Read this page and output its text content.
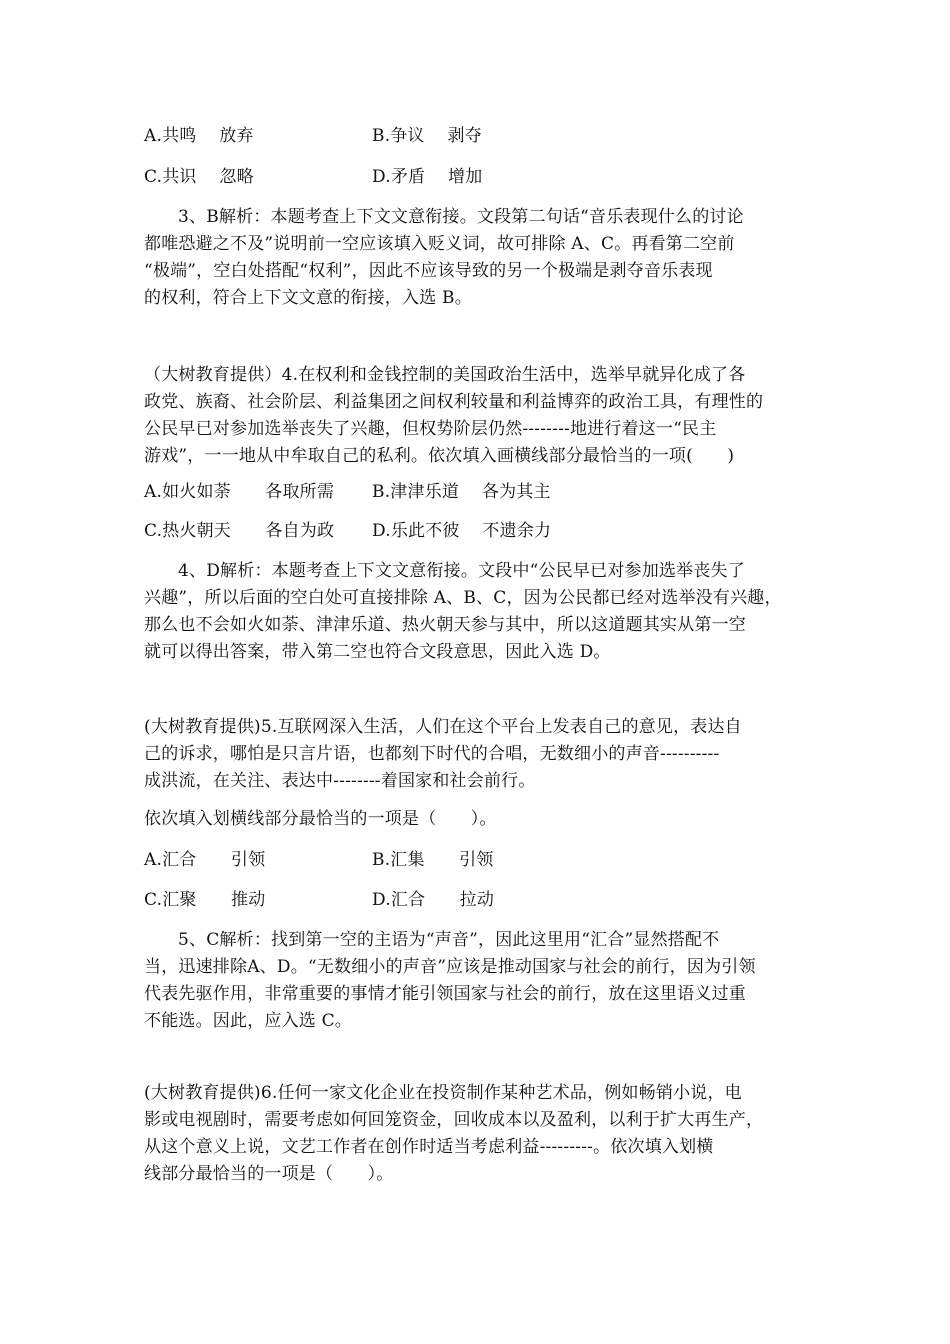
A.共鸣　 放弃	B.争议　 剥夺
C.共识　 忽略	D.矛盾　 增加
3、B解析：本题考查上下文文意衔接。文段第二句话“音乐表现什么的讨论
都唯恐避之不及”说明前一空应该填入贬义词，故可排除 A、C。再看第二空前
“极端”，空白处搭配“权利”，因此不应该导致的另一个极端是剥夺音乐表现
的权利，符合上下文文意的衔接，入选 B。
（大树教育提供）4.在权利和金钱控制的美国政治生活中，选举早就异化成了各
政党、族裔、社会阶层、利益集团之间权利较量和利益博弈的政治工具，有理性的
公民早已对参加选举丧失了兴趣，但权势阶层仍然--------地进行着这一“民主
游戏”，一一地从中牟取自己的私利。依次填入画横线部分最恰当的一项(　　)
A.如火如荼　　各取所需 B.津津乐道　 各为其主
C.热火朝天　　各自为政 D.乐此不彼　 不遗余力
4、D解析：本题考查上下文文意衔接。文段中“公民早已对参加选举丧失了
兴趣”，所以后面的空白处可直接排除 A、B、C，因为公民都已经对选举没有兴趣，
那么也不会如火如荼、津津乐道、热火朝天参与其中，所以这道题其实从第一空
就可以得出答案，带入第二空也符合文段意思，因此入选 D。
(大树教育提供)5.互联网深入生活，人们在这个平台上发表自己的意见，表达自
己的诉求，哪怕是只言片语，也都刻下时代的合唱，无数细小的声音----------
成洪流，在关注、表达中--------着国家和社会前行。
依次填入划横线部分最恰当的一项是（　　）。
A.汇合　　引领	B.汇集　　引领
C.汇聚　　推动	D.汇合　　拉动
5、C解析：找到第一空的主语为“声音”，因此这里用“汇合”显然搭配不
当，迅速排除A、D。“无数细小的声音”应该是推动国家与社会的前行，因为引领
代表先驱作用，非常重要的事情才能引领国家与社会的前行，放在这里语义过重
不能选。因此，应入选 C。
(大树教育提供)6.任何一家文化企业在投资制作某种艺术品，例如畅销小说，电
影或电视剧时，需要考虑如何回笼资金，回收成本以及盈利，以利于扩大再生产，
从这个意义上说，文艺工作者在创作时适当考虑利益---------。依次填入划横
线部分最恰当的一项是（　　）。
